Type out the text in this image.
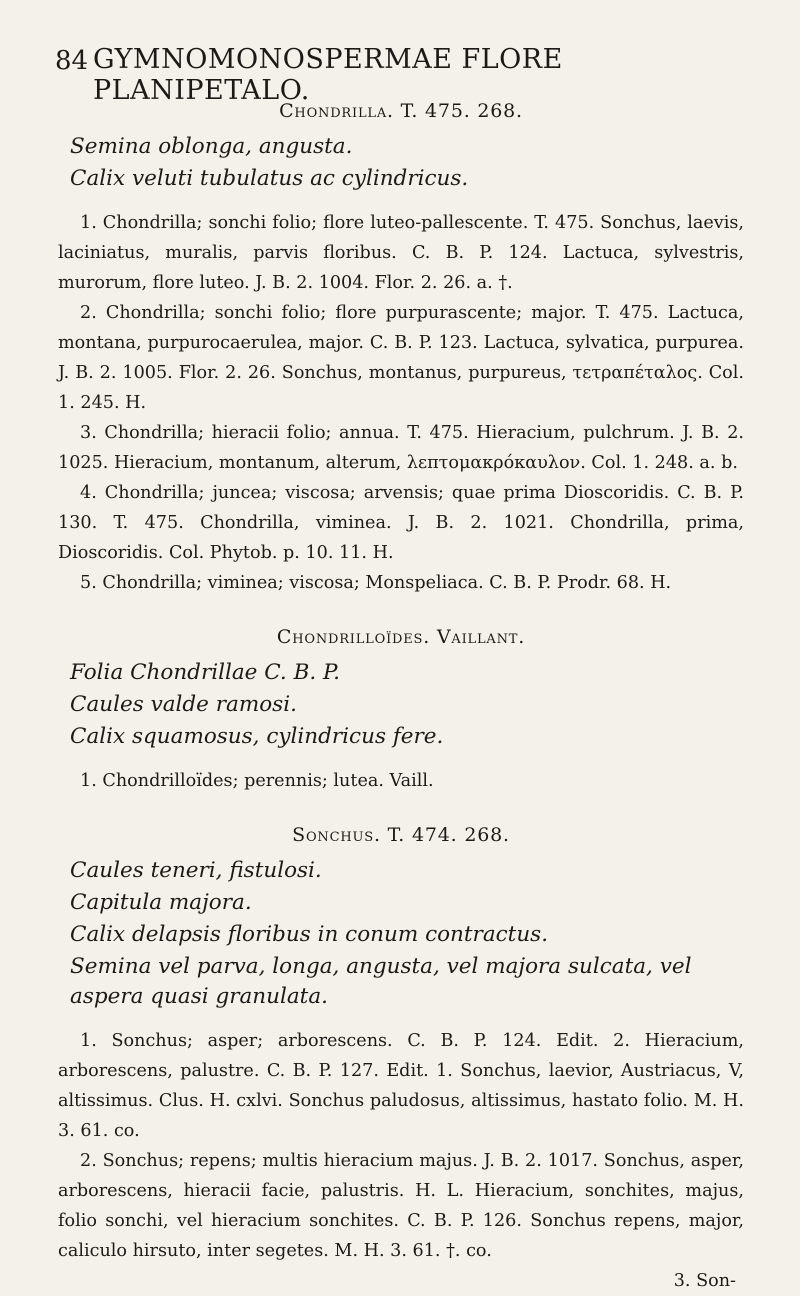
84 GYMNOMONOSPERMAE FLORE PLANIPETALO.
Chondrilla. T. 475. 268.
Semina oblonga, angusta.
Calix veluti tubulatus ac cylindricus.

1. Chondrilla; sonchi folio; flore luteo-pallescente. T. 475. Sonchus, laevis, laciniatus, muralis, parvis floribus. C. B. P. 124. Lactuca, sylvestris, murorum, flore luteo. J. B. 2. 1004. Flor. 2. 26. a. †.

2. Chondrilla; sonchi folio; flore purpurascente; major. T. 475. Lactuca, montana, purpurocaerulea, major. C. B. P. 123. Lactuca, sylvatica, purpurea. J. B. 2. 1005. Flor. 2. 26. Sonchus, montanus, purpureus, τετραπέταλος. Col. 1. 245. H.

3. Chondrilla; hieracii folio; annua. T. 475. Hieracium, pulchrum. J. B. 2. 1025. Hieracium, montanum, alterum, λεπτομακρόκαυλον. Col. 1. 248. a. b.

4. Chondrilla; juncea; viscosa; arvensis; quae prima Dioscoridis. C. B. P. 130. T. 475. Chondrilla, viminea. J. B. 2. 1021. Chondrilla, prima, Dioscoridis. Col. Phytob. p. 10. 11. H.

5. Chondrilla; viminea; viscosa; Monspeliaca. C. B. P. Prodr. 68. H.

Chondrilloïdes. Vaillant.
Folia Chondrillae C. B. P.
Caules valde ramosi.
Calix squamosus, cylindricus fere.

1. Chondrilloïdes; perennis; lutea. Vaill.

Sonchus. T. 474. 268.
Caules teneri, fistulosi.
Capitula majora.
Calix delapsis floribus in conum contractus.
Semina vel parva, longa, angusta, vel majora sulcata, vel aspera quasi granulata.

1. Sonchus; asper; arborescens. C. B. P. 124. Edit. 2. Hieracium, arborescens, palustre. C. B. P. 127. Edit. 1. Sonchus, laevior, Austriacus, V, altissimus. Clus. H. cxlvi. Sonchus paludosus, altissimus, hastato folio. M. H. 3. 61. co.

2. Sonchus; repens; multis hieracium majus. J. B. 2. 1017. Sonchus, asper, arborescens, hieracii facie, palustris. H. L. Hieracium, sonchites, majus, folio sonchi, vel hieracium sonchites. C. B. P. 126. Sonchus repens, major, caliculo hirsuto, inter segetes. M. H. 3. 61. †. co.

3. Son-
